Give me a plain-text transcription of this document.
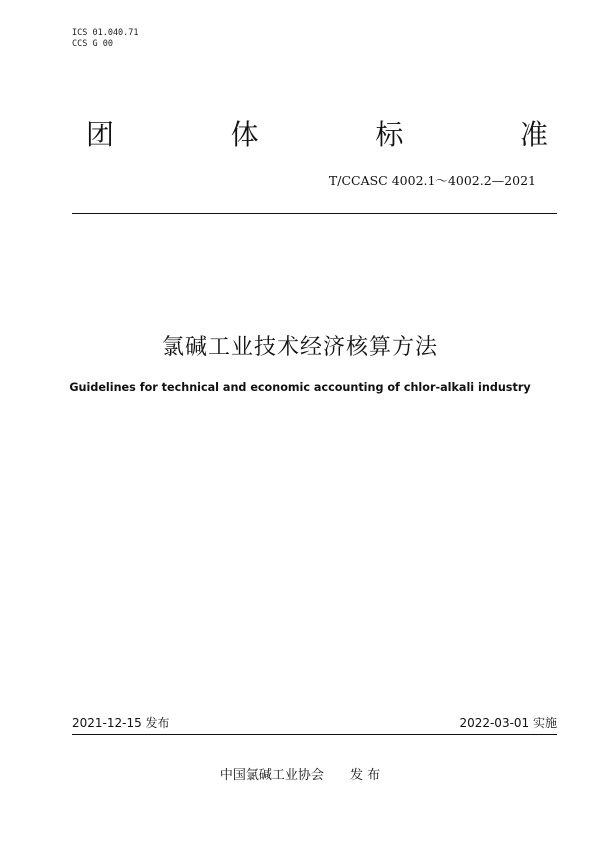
ICS 01.040.71
CCS G 00
团	体	标	准
T/CCASC 4002.1～4002.2—2021
氯碱工业技术经济核算方法
Guidelines for technical and economic accounting of chlor-alkali industry
2021-12-15 发布	2022-03-01 实施
中国氯碱工业协会 发 布
